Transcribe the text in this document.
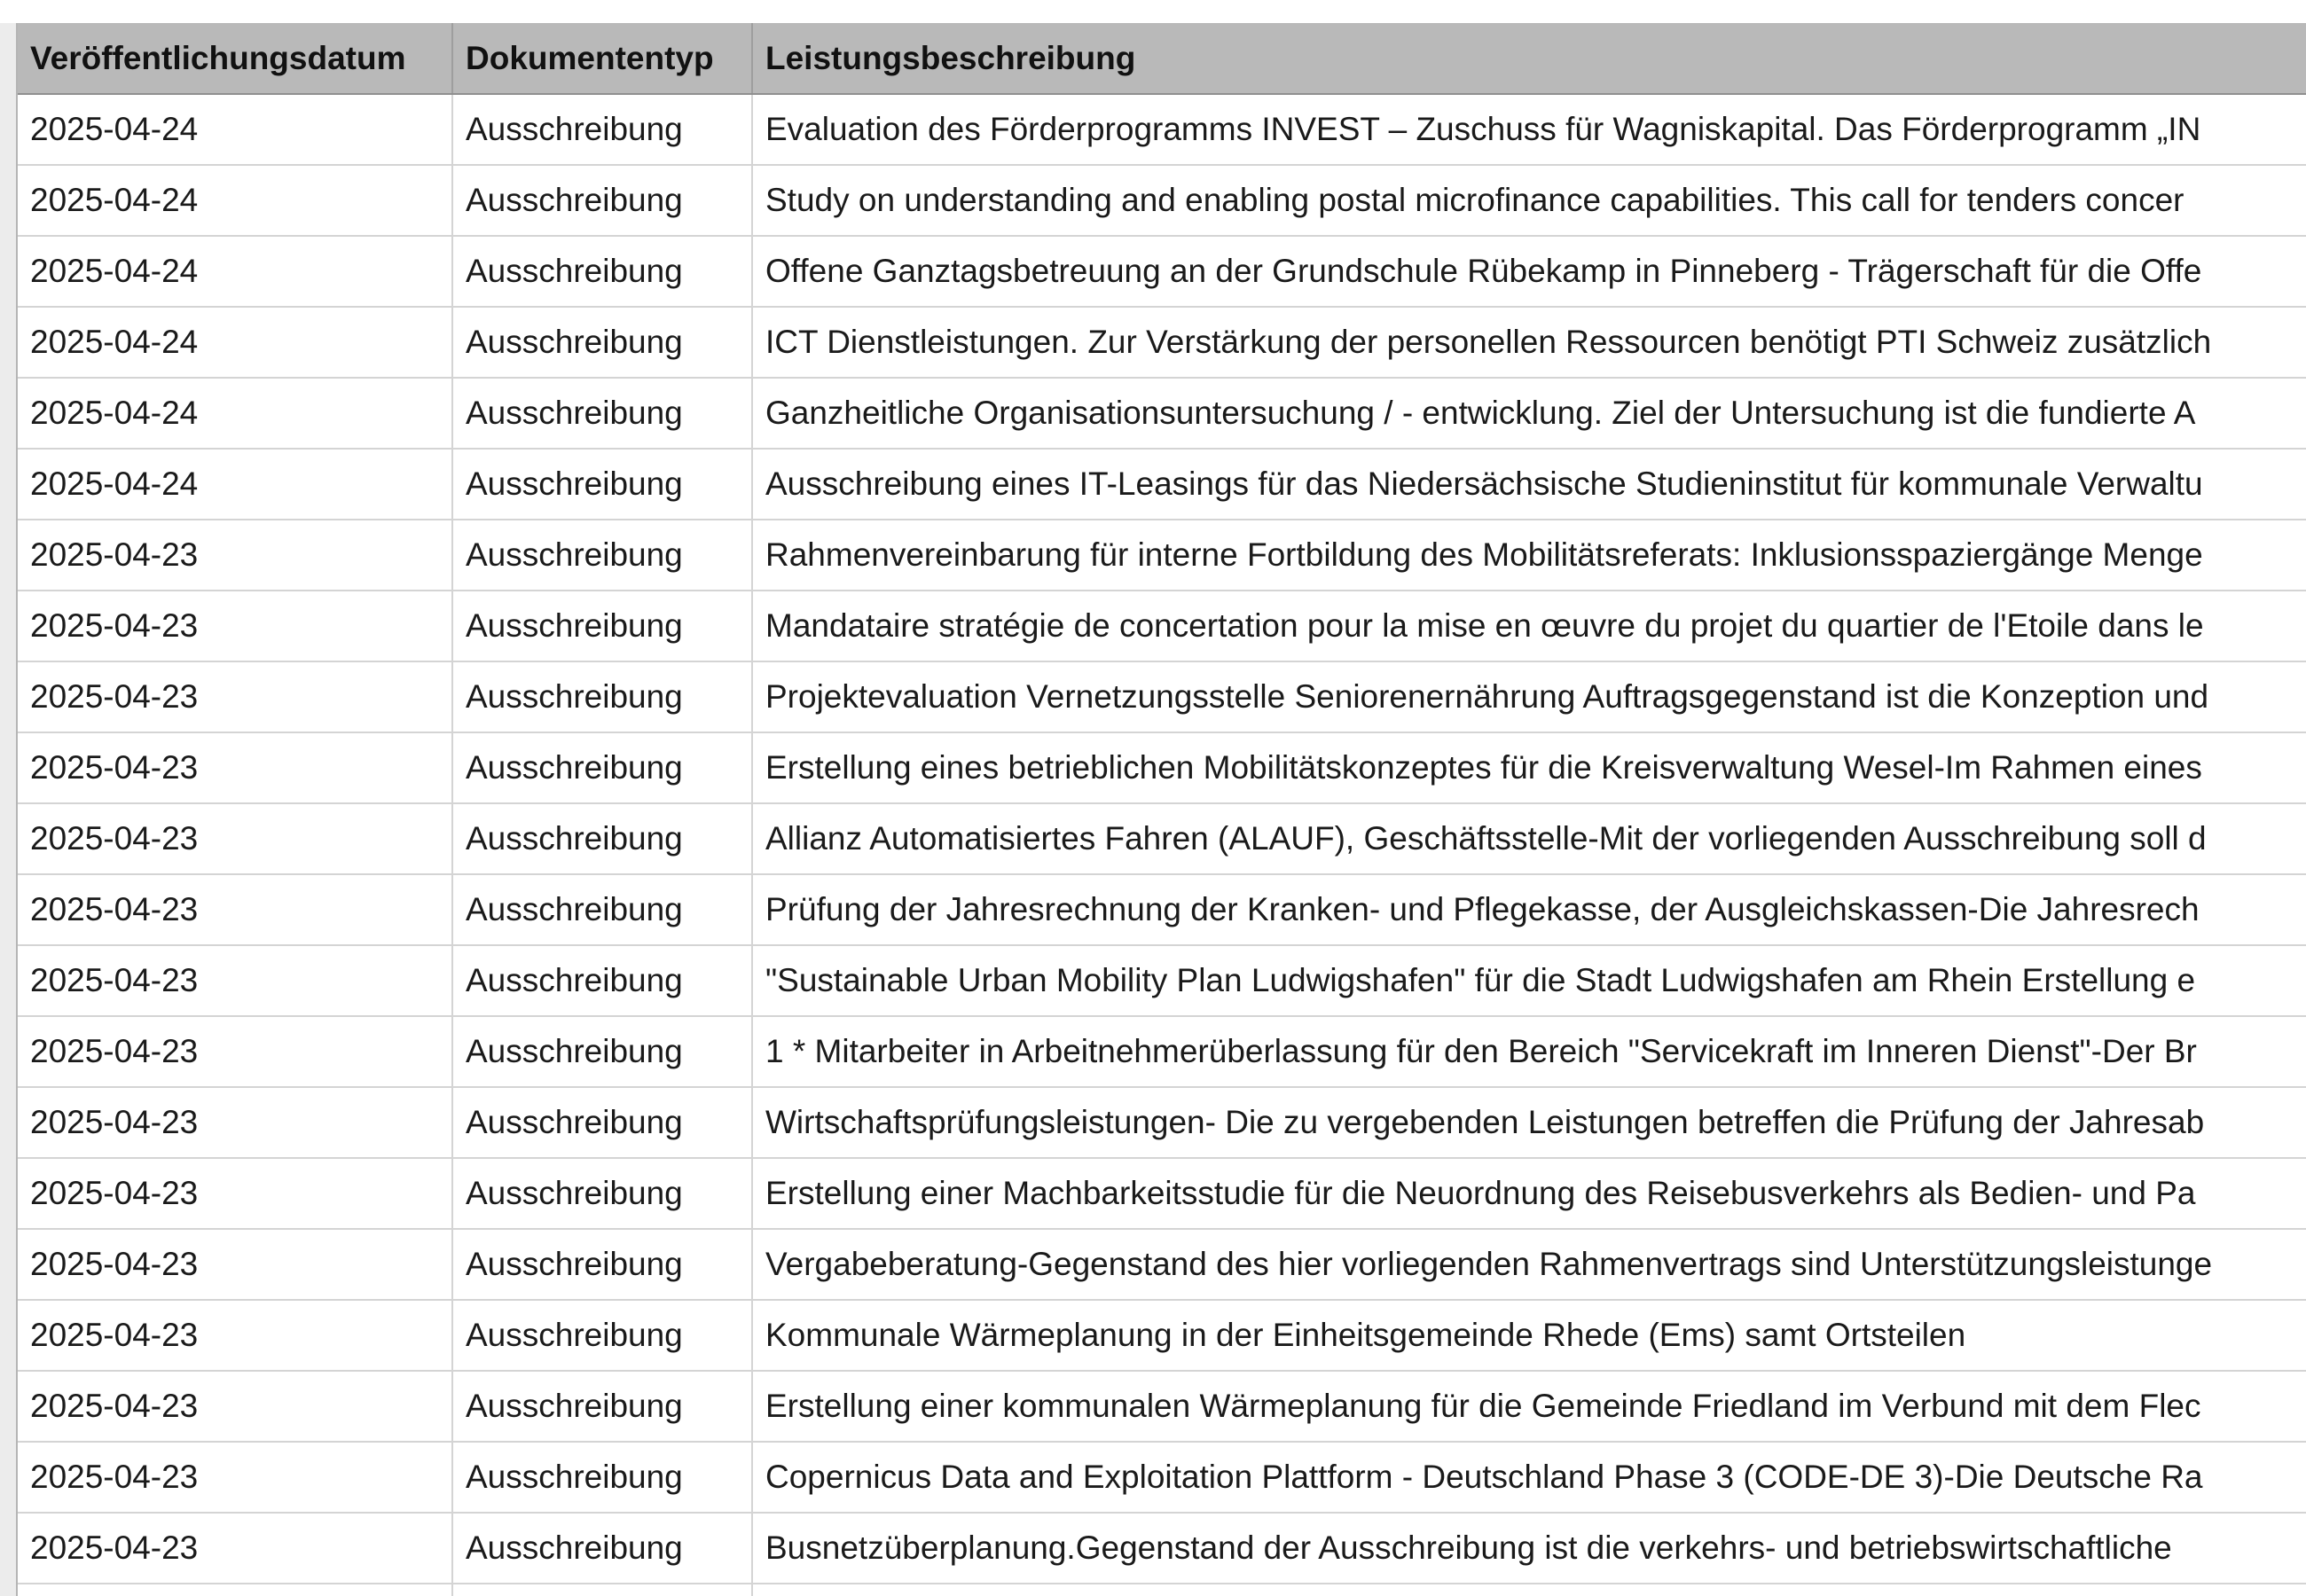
Veröffentlichungsdatum	Dokumententyp	Leistungsbeschreibung
2025-04-24	Ausschreibung	Evaluation des Förderprogramms INVEST – Zuschuss für Wagniskapital. Das Förderprogramm „IN
2025-04-24	Ausschreibung	Study on understanding and enabling postal microfinance capabilities. This call for tenders concer
2025-04-24	Ausschreibung	Offene Ganztagsbetreuung an der Grundschule Rübekamp in Pinneberg - Trägerschaft für die Offe
2025-04-24	Ausschreibung	ICT Dienstleistungen. Zur Verstärkung der personellen Ressourcen benötigt PTI Schweiz zusätzlich
2025-04-24	Ausschreibung	Ganzheitliche Organisationsuntersuchung / - entwicklung. Ziel der Untersuchung ist die fundierte A
2025-04-24	Ausschreibung	Ausschreibung eines IT-Leasings für das Niedersächsische Studieninstitut für kommunale Verwaltu
2025-04-23	Ausschreibung	Rahmenvereinbarung für interne Fortbildung des Mobilitätsreferats: Inklusionsspaziergänge Menge
2025-04-23	Ausschreibung	Mandataire stratégie de concertation pour la mise en œuvre du projet du quartier de l'Etoile dans le
2025-04-23	Ausschreibung	Projektevaluation Vernetzungsstelle Seniorenernährung Auftragsgegenstand ist die Konzeption und
2025-04-23	Ausschreibung	Erstellung eines betrieblichen Mobilitätskonzeptes für die Kreisverwaltung Wesel-Im Rahmen eines
2025-04-23	Ausschreibung	Allianz Automatisiertes Fahren (ALAUF), Geschäftsstelle-Mit der vorliegenden Ausschreibung soll d
2025-04-23	Ausschreibung	Prüfung der Jahresrechnung der Kranken- und Pflegekasse, der Ausgleichskassen-Die Jahresrech
2025-04-23	Ausschreibung	"Sustainable Urban Mobility Plan Ludwigshafen" für die Stadt Ludwigshafen am Rhein Erstellung e
2025-04-23	Ausschreibung	1 * Mitarbeiter in Arbeitnehmerüberlassung für den Bereich "Servicekraft im Inneren Dienst"-Der Br
2025-04-23	Ausschreibung	Wirtschaftsprüfungsleistungen- Die zu vergebenden Leistungen betreffen die Prüfung der Jahresab
2025-04-23	Ausschreibung	Erstellung einer Machbarkeitsstudie für die Neuordnung des Reisebusverkehrs als Bedien- und Pa
2025-04-23	Ausschreibung	Vergabeberatung-Gegenstand des hier vorliegenden Rahmenvertrags sind Unterstützungsleistunge
2025-04-23	Ausschreibung	Kommunale Wärmeplanung in der Einheitsgemeinde Rhede (Ems) samt Ortsteilen
2025-04-23	Ausschreibung	Erstellung einer kommunalen Wärmeplanung für die Gemeinde Friedland im Verbund mit dem Flec
2025-04-23	Ausschreibung	Copernicus Data and Exploitation Plattform - Deutschland Phase 3 (CODE-DE 3)-Die Deutsche Ra
2025-04-23	Ausschreibung	Busnetzüberplanung.Gegenstand der Ausschreibung ist die verkehrs- und betriebswirtschaftliche
